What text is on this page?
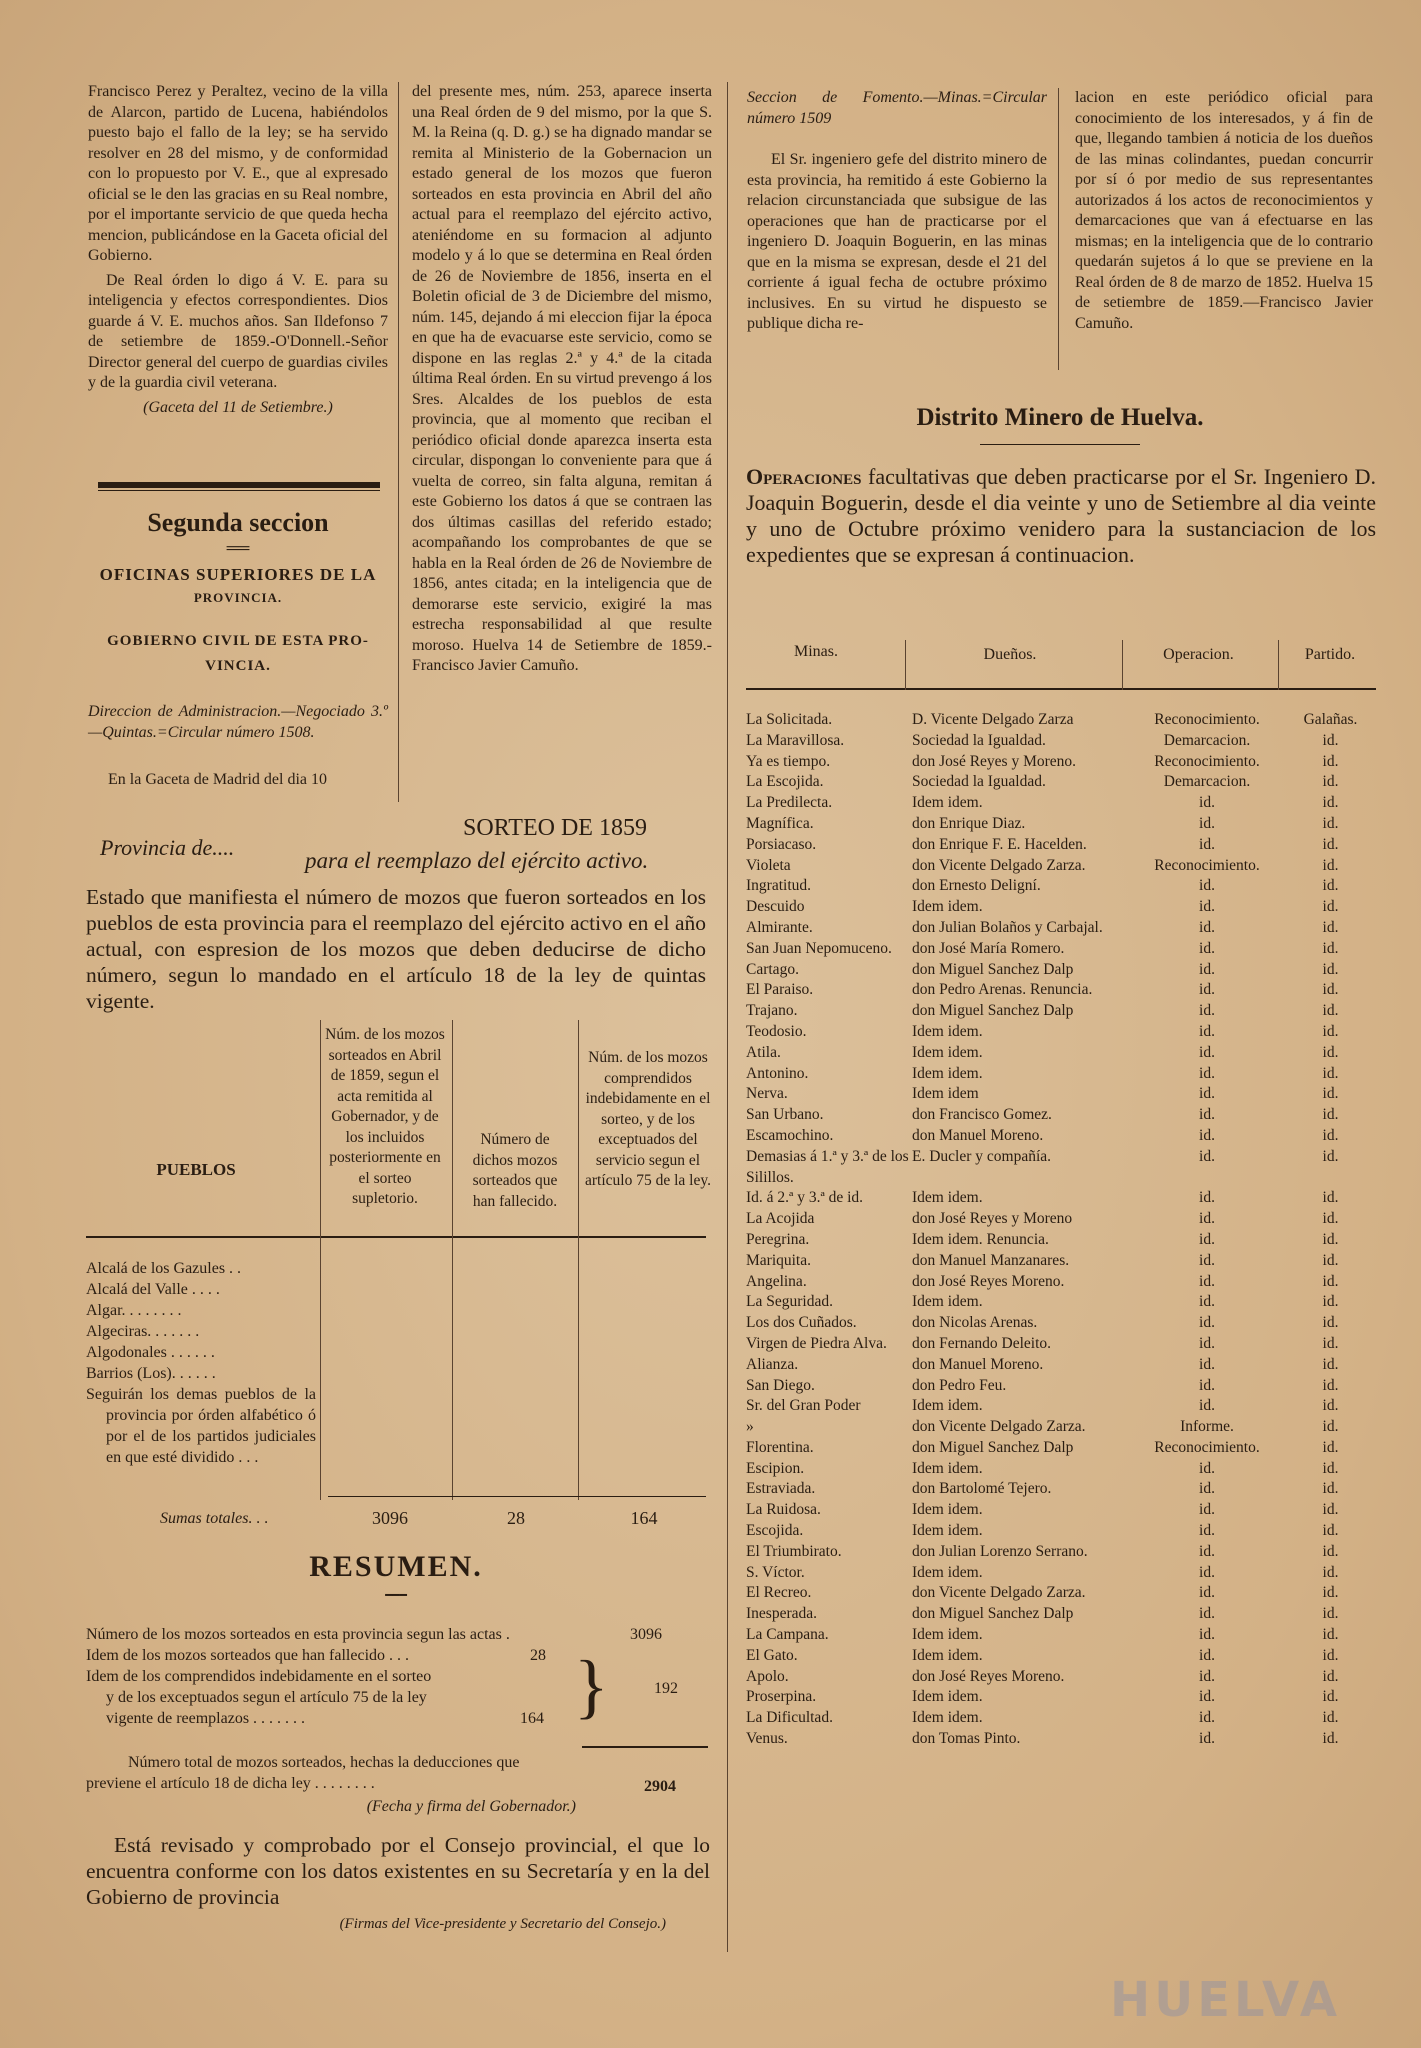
Francisco Perez y Peraltez, vecino de la villa de Alarcon, partido de Lucena, habiéndolos puesto bajo el fallo de la ley; se ha servido resolver en 28 del mismo, y de conformidad con lo propuesto por V. E., que al expresado oficial se le den las gracias en su Real nombre, por el importante servicio de que queda hecha mencion, publicándose en la Gaceta oficial del Gobierno.

De Real órden lo digo á V. E. para su inteligencia y efectos correspondientes. Dios guarde á V. E. muchos años. San Ildefonso 7 de setiembre de 1859.-O'Donnell.-Señor Director general del cuerpo de guardias civiles y de la guardia civil veterana.

(Gaceta del 11 de Setiembre.)
Segunda seccion
══
OFICINAS SUPERIORES DE LA
PROVINCIA.
GOBIERNO CIVIL DE ESTA PRO-
VINCIA.
Direccion de Administracion.—Negociado 3.º—Quintas.=Circular número 1508.
En la Gaceta de Madrid del dia 10
del presente mes, núm. 253, aparece inserta una Real órden de 9 del mismo, por la que S. M. la Reina (q. D. g.) se ha dignado mandar se remita al Ministerio de la Gobernacion un estado general de los mozos que fueron sorteados en esta provincia en Abril del año actual para el reemplazo del ejército activo, ateniéndome en su formacion al adjunto modelo y á lo que se determina en Real órden de 26 de Noviembre de 1856, inserta en el Boletin oficial de 3 de Diciembre del mismo, núm. 145, dejando á mi eleccion fijar la época en que ha de evacuarse este servicio, como se dispone en las reglas 2.ª y 4.ª de la citada última Real órden. En su virtud prevengo á los Sres. Alcaldes de los pueblos de esta provincia, que al momento que reciban el periódico oficial donde aparezca inserta esta circular, dispongan lo conveniente para que á vuelta de correo, sin falta alguna, remitan á este Gobierno los datos á que se contraen las dos últimas casillas del referido estado; acompañando los comprobantes de que se habla en la Real órden de 26 de Noviembre de 1856, antes citada; en la inteligencia que de demorarse este servicio, exigiré la mas estrecha responsabilidad al que resulte moroso. Huelva 14 de Setiembre de 1859.-Francisco Javier Camuño.
SORTEO DE 1859
Provincia de....
para el reemplazo del ejército activo.
Estado que manifiesta el número de mozos que fueron sorteados en los pueblos de esta provincia para el reemplazo del ejército activo en el año actual, con espresion de los mozos que deben deducirse de dicho número, segun lo mandado en el artículo 18 de la ley de quintas vigente.
PUEBLOS
Núm. de los mozos sorteados en Abril de 1859, segun el acta remitida al Gobernador, y de los incluidos posteriormente en el sorteo supletorio.
Número de dichos mozos sorteados que han fallecido.
Núm. de los mozos comprendidos indebidamente en el sorteo, y de los exceptuados del servicio segun el artículo 75 de la ley.
Alcalá de los Gazules . .
Alcalá del Valle . . . .
Algar. . . . . . . .
Algeciras. . . . . . .
Algodonales . . . . . .
Barrios (Los). . . . . .
Seguirán los demas pueblos de la provincia por órden alfabético ó por el de los partidos judiciales en que esté dividido . . .
Sumas totales. . .	3096	28	164
RESUMEN.
━━━
Número de los mozos sorteados en esta provincia segun las actas .	3096
Idem de los mozos sorteados que han fallecido . . .	28
Idem de los comprendidos indebidamente en el sorteo
y de los exceptuados segun el artículo 75 de la ley
vigente de reemplazos . . . . . . .	164 }	192
Número total de mozos sorteados, hechas la deducciones que
previene el artículo 18 de dicha ley . . . . . . . .	2904
(Fecha y firma del Gobernador.)
Está revisado y comprobado por el Consejo provincial, el que lo encuentra conforme con los datos existentes en su Secretaría y en la del Gobierno de provincia
(Firmas del Vice-presidente y Secretario del Consejo.)
Seccion de Fomento.—Minas.=Circular número 1509
El Sr. ingeniero gefe del distrito minero de esta provincia, ha remitido á este Gobierno la relacion circunstanciada que subsigue de las operaciones que han de practicarse por el ingeniero D. Joaquin Boguerin, en las minas que en la misma se expresan, desde el 21 del corriente á igual fecha de octubre próximo inclusives. En su virtud he dispuesto se publique dicha re-
lacion en este periódico oficial para conocimiento de los interesados, y á fin de que, llegando tambien á noticia de los dueños de las minas colindantes, puedan concurrir por sí ó por medio de sus representantes autorizados á los actos de reconocimientos y demarcaciones que van á efectuarse en las mismas; en la inteligencia que de lo contrario quedarán sujetos á lo que se previene en la Real órden de 8 de marzo de 1852. Huelva 15 de setiembre de 1859.—Francisco Javier Camuño.
Distrito Minero de Huelva.
Operaciones facultativas que deben practicarse por el Sr. Ingeniero D. Joaquin Boguerin, desde el dia veinte y uno de Setiembre al dia veinte y uno de Octubre próximo venidero para la sustanciacion de los expedientes que se expresan á continuacion.
Minas.	Dueños.	Operacion.	Partido.
La Solicitada.	D. Vicente Delgado Zarza	Reconocimiento.	Galañas.
La Maravillosa.	Sociedad la Igualdad.	Demarcacion.	id.
Ya es tiempo.	don José Reyes y Moreno.	Reconocimiento.	id.
La Escojida.	Sociedad la Igualdad.	Demarcacion.	id.
La Predilecta.	Idem idem.	id.	id.
Magnífica.	don Enrique Diaz.	id.	id.
Porsiacaso.	don Enrique F. E. Hacelden.	id.	id.
Violeta	don Vicente Delgado Zarza.	Reconocimiento.	id.
Ingratitud.	don Ernesto Deligní.	id.	id.
Descuido	Idem idem.	id.	id.
Almirante.	don Julian Bolaños y Carbajal.	id.	id.
San Juan Nepomuceno.	don José María Romero.	id.	id.
Cartago.	don Miguel Sanchez Dalp	id.	id.
El Paraiso.	don Pedro Arenas. Renuncia.	id.	id.
Trajano.	don Miguel Sanchez Dalp	id.	id.
Teodosio.	Idem idem.	id.	id.
Atila.	Idem idem.	id.	id.
Antonino.	Idem idem.	id.	id.
Nerva.	Idem idem	id.	id.
San Urbano.	don Francisco Gomez.	id.	id.
Escamochino.	don Manuel Moreno.	id.	id.
Demasias á 1.ª y 3.ª de los Silillos.	E. Ducler y compañía.	id.	id.
Id. á 2.ª y 3.ª de id.	Idem idem.	id.	id.
La Acojida	don José Reyes y Moreno	id.	id.
Peregrina.	Idem idem. Renuncia.	id.	id.
Mariquita.	don Manuel Manzanares.	id.	id.
Angelina.	don José Reyes Moreno.	id.	id.
La Seguridad.	Idem idem.	id.	id.
Los dos Cuñados.	don Nicolas Arenas.	id.	id.
Virgen de Piedra Alva.	don Fernando Deleito.	id.	id.
Alianza.	don Manuel Moreno.	id.	id.
San Diego.	don Pedro Feu.	id.	id.
Sr. del Gran Poder	Idem idem.	id.	id.
»	don Vicente Delgado Zarza.	Informe.	id.
Florentina.	don Miguel Sanchez Dalp	Reconocimiento.	id.
Escipion.	Idem idem.	id.	id.
Estraviada.	don Bartolomé Tejero.	id.	id.
La Ruidosa.	Idem idem.	id.	id.
Escojida.	Idem idem.	id.	id.
El Triumbirato.	don Julian Lorenzo Serrano.	id.	id.
S. Víctor.	Idem idem.	id.	id.
El Recreo.	don Vicente Delgado Zarza.	id.	id.
Inesperada.	don Miguel Sanchez Dalp	id.	id.
La Campana.	Idem idem.	id.	id.
El Gato.	Idem idem.	id.	id.
Apolo.	don José Reyes Moreno.	id.	id.
Proserpina.	Idem idem.	id.	id.
La Dificultad.	Idem idem.	id.	id.
Venus.	don Tomas Pinto.	id.	id.
HUELVA
